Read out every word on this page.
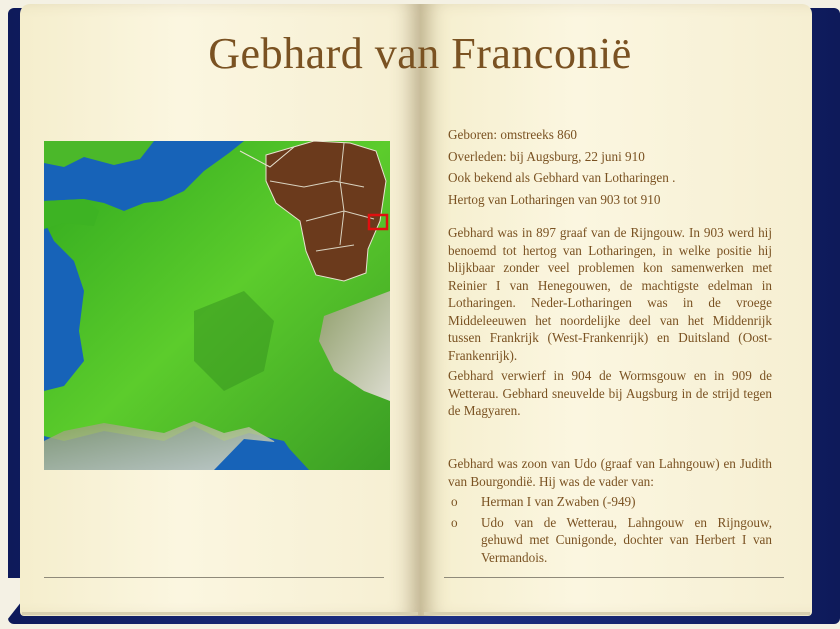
Gebhard van Franconië

Geboren: omstreeks 860

Overleden: bij Augsburg, 22 juni 910

Ook bekend als Gebhard van Lotharingen .

Hertog van Lotharingen van 903 tot 910

Gebhard was in 897 graaf van de Rijngouw. In 903 werd hij benoemd tot hertog van Lotharingen, in welke positie hij blijkbaar zonder veel problemen kon samenwerken met Reinier I van Henegouwen, de machtigste edelman in Lotharingen. Neder-Lotharingen was in de vroege Middeleeuwen het noordelijke deel van het Middenrijk tussen Frankrijk (West-Frankenrijk) en Duitsland (Oost-Frankenrijk).

Gebhard verwierf in 904 de Wormsgouw en in 909 de Wetterau. Gebhard sneuvelde bij Augsburg in de strijd tegen de Magyaren.

Gebhard was zoon van Udo (graaf van Lahngouw) en Judith van Bourgondië. Hij was de vader van:

o Herman I van Zwaben (-949)
o Udo van de Wetterau, Lahngouw en Rijngouw, gehuwd met Cunigonde, dochter van Herbert I van Vermandois.
